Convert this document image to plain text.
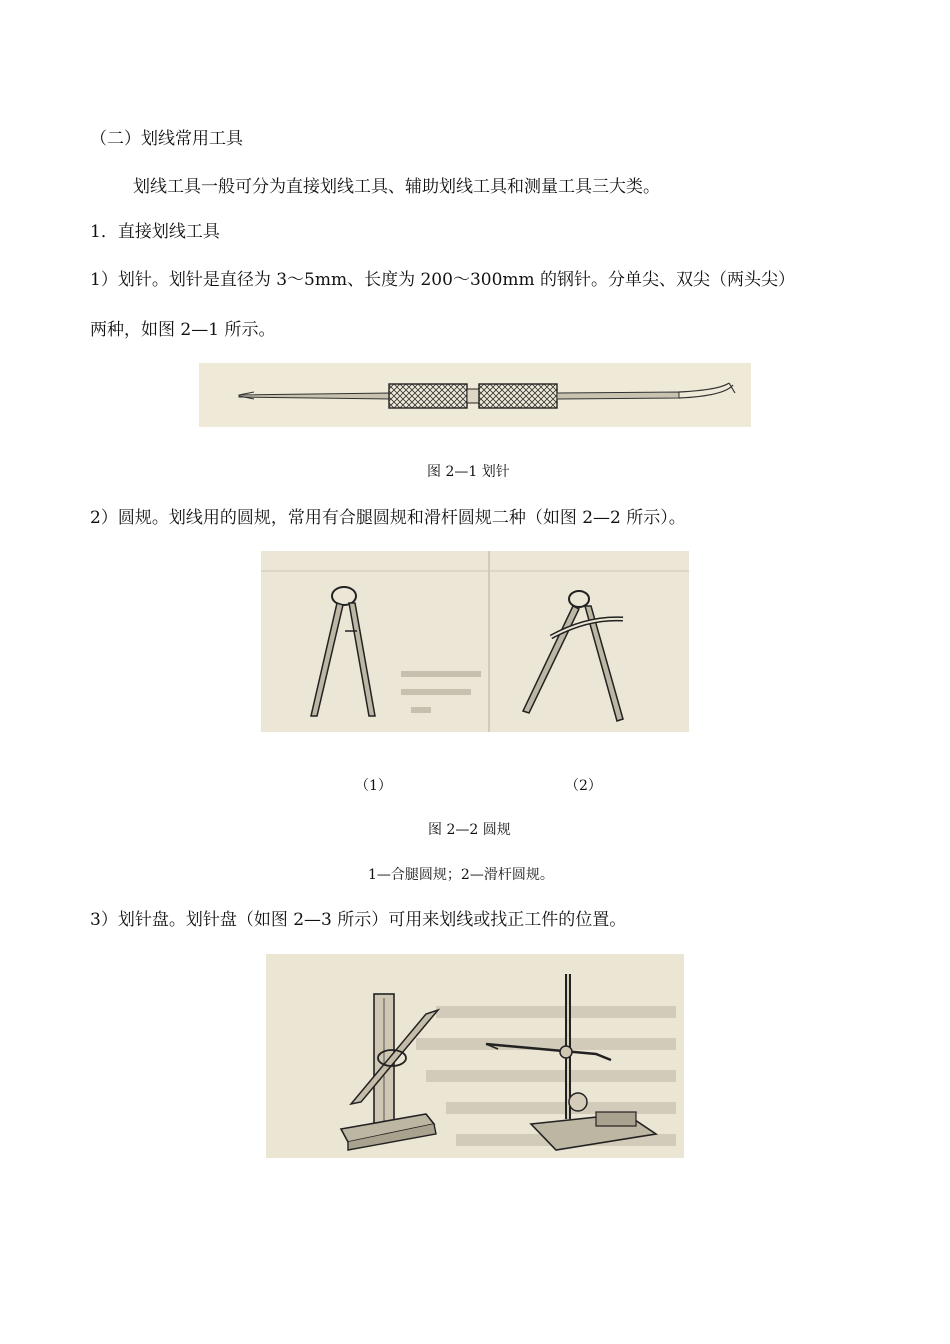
（二）划线常用工具
划线工具一般可分为直接划线工具、辅助划线工具和测量工具三大类。
1．直接划线工具
1）划针。划针是直径为 3～5mm、长度为 200～300mm 的钢针。分单尖、双尖（两头尖）
两种，如图 2—1 所示。
图 2—1 划针
2）圆规。划线用的圆规，常用有合腿圆规和滑杆圆规二种（如图 2—2 所示）。
（1）	（2）
图 2—2 圆规
1—合腿圆规；2—滑杆圆规。
3）划针盘。划针盘（如图 2—3 所示）可用来划线或找正工件的位置。
